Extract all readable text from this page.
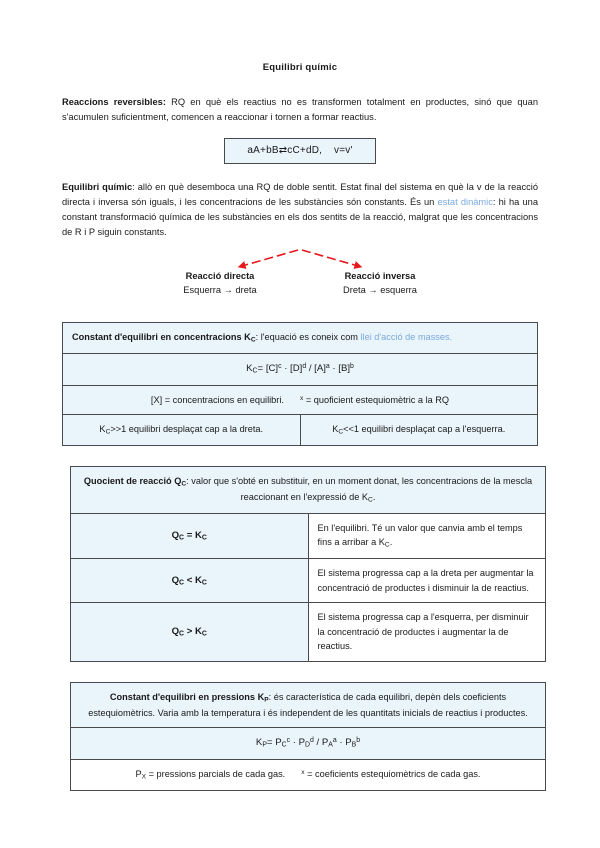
Equilibri químic

Reaccions reversibles: RQ en què els reactius no es transformen totalment en productes, sinó que quan s'acumulen suficientment, comencen a reaccionar i tornen a formar reactius.

aA+bB⇄cC+dD,    v=v'

Equilibri químic: allò en què desemboca una RQ de doble sentit. Estat final del sistema en què la v de la reacció directa i inversa són iguals, i les concentracions de les substàncies són constants. És un estat dinàmic: hi ha una constant transformació química de les substàncies en els dos sentits de la reacció, malgrat que les concentracions de R i P siguin constants.

Reacció directa
Esquerra → dreta
Reacció inversa
Dreta → esquerra
Constant d'equilibri en concentracions $K_C$: l'equació es coneix com llei d'acció de masses.
$K_C= [C]^c \cdot [D]^d / [A]^a \cdot [B]^b$
[X] = concentracions en equilibri. $^x$ = quoficient estequiomètric a la RQ
$K_C>>1$ equilibri desplaçat cap a la dreta.	$K_C<<1$ equilibri desplaçat cap a l'esquerra.
Quocient de reacció $Q_C$: valor que s'obté en substituir, en un moment donat, les concentracions de la mescla reaccionant en l'expressió de $K_C$.	
$Q_C = K_C$	En l'equilibri. Té un valor que canvia amb el temps fins a arribar a $K_C$.
$Q_C < K_C$	El sistema progressa cap a la dreta per augmentar la concentració de productes i disminuir la de reactius.
$Q_C > K_C$	El sistema progressa cap a l'esquerra, per disminuir la concentració de productes i augmentar la de reactius.
Constant d'equilibri en pressions $K_P$: és característica de cada equilibri, depèn dels coeficients estequiomètrics. Varia amb la temperatura i és independent de les quantitats inicials de reactius i productes.
$K_P= P_C^c \cdot P_D^d / P_A^a \cdot P_B^b$
$P_X$ = pressions parcials de cada gas. $^x$ = coeficients estequiomètrics de cada gas.
